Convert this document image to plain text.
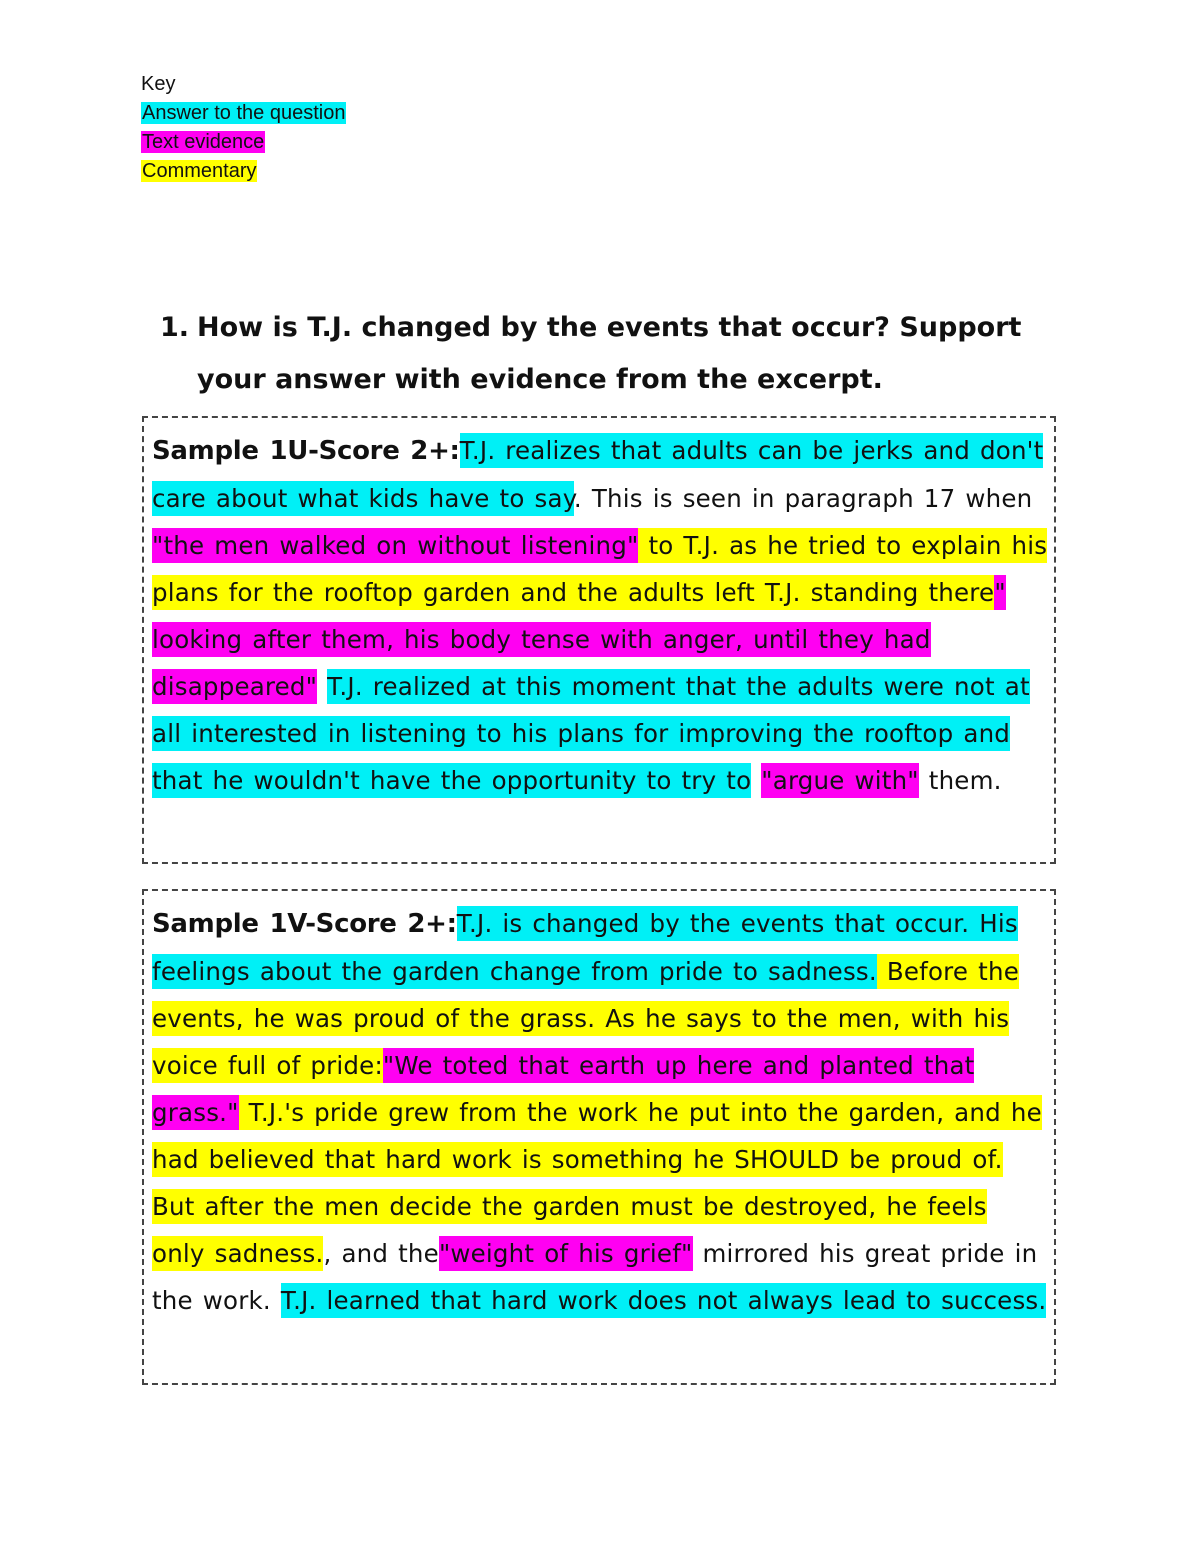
Key
Answer to the question
Text evidence
Commentary
1. How is T.J. changed by the events that occur? Support your answer with evidence from the excerpt.

Sample 1U-Score 2+:T.J. realizes that adults can be jerks and don't care about what kids have to say. This is seen in paragraph 17 when "the men walked on without listening" to T.J. as he tried to explain his plans for the rooftop garden and the adults left T.J. standing there" looking after them, his body tense with anger, until they had disappeared" T.J. realized at this moment that the adults were not at all interested in listening to his plans for improving the rooftop and that he wouldn't have the opportunity to try to "argue with" them.

Sample 1V-Score 2+:T.J. is changed by the events that occur. His feelings about the garden change from pride to sadness. Before the events, he was proud of the grass. As he says to the men, with his voice full of pride:"We toted that earth up here and planted that grass." T.J.'s pride grew from the work he put into the garden, and he had believed that hard work is something he SHOULD be proud of. But after the men decide the garden must be destroyed, he feels only sadness., and the"weight of his grief" mirrored his great pride in the work. T.J. learned that hard work does not always lead to success.
